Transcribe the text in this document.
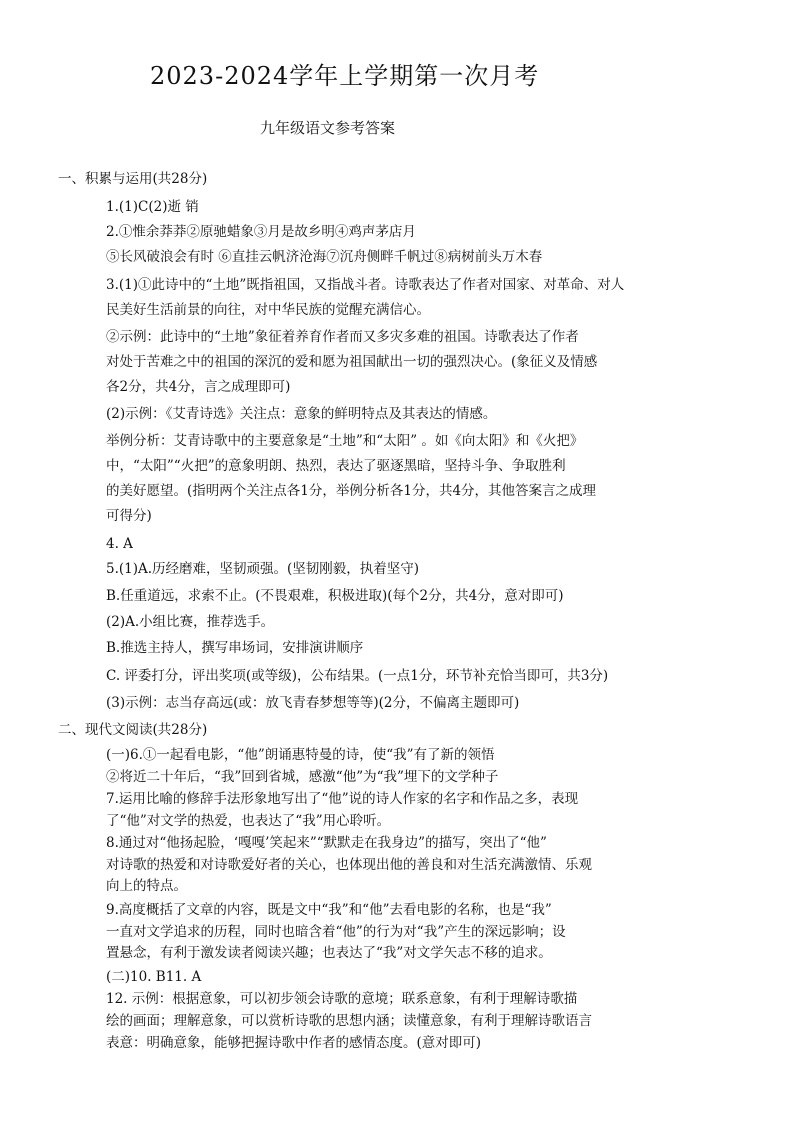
2023-2024学年上学期第一次月考
九年级语文参考答案
一、积累与运用(共28分)
1.(1)C(2)逝 销
2.①惟余莽莽②原驰蜡象③月是故乡明④鸡声茅店月
⑤长风破浪会有时 ⑥直挂云帆济沧海⑦沉舟侧畔千帆过⑧病树前头万木春
3.(1)①此诗中的“土地”既指祖国，又指战斗者。诗歌表达了作者对国家、对革命、对人
民美好生活前景的向往，对中华民族的觉醒充满信心。
②示例：此诗中的“土地”象征着养育作者而又多灾多难的祖国。诗歌表达了作者
对处于苦难之中的祖国的深沉的爱和愿为祖国献出一切的强烈决心。(象征义及情感
各2分，共4分，言之成理即可)
(2)示例：《艾青诗选》关注点：意象的鲜明特点及其表达的情感。
举例分析：艾青诗歌中的主要意象是“土地”和“太阳” 。如《向太阳》和《火把》
中，“太阳”“火把”的意象明朗、热烈，表达了驱逐黑暗，坚持斗争、争取胜利
的美好愿望。(指明两个关注点各1分，举例分析各1分，共4分，其他答案言之成理
可得分)
4. A
5.(1)A.历经磨难，坚韧顽强。(坚韧刚毅，执着坚守)
B.任重道远，求索不止。(不畏艰难，积极进取)(每个2分，共4分，意对即可)
(2)A.小组比赛，推荐选手。
B.推选主持人，撰写串场词，安排演讲顺序
C. 评委打分，评出奖项(或等级)，公布结果。(一点1分，环节补充恰当即可，共3分)
(3)示例：志当存高远(或：放飞青春梦想等等)(2分，不偏离主题即可)
二、现代文阅读(共28分)
(一)6.①一起看电影，“他”朗诵惠特曼的诗，使“我”有了新的领悟
②将近二十年后，“我”回到省城，感激“他”为“我”埋下的文学种子
7.运用比喻的修辞手法形象地写出了“他”说的诗人作家的名字和作品之多，表现
了“他”对文学的热爱，也表达了“我”用心聆听。
8.通过对“他扬起脸，‘嘎嘎’笑起来”“默默走在我身边”的描写，突出了“他”
对诗歌的热爱和对诗歌爱好者的关心，也体现出他的善良和对生活充满激情、乐观
向上的特点。
9.高度概括了文章的内容，既是文中“我”和“他”去看电影的名称，也是“我”
一直对文学追求的历程，同时也暗含着“他”的行为对“我”产生的深远影响；设
置悬念，有利于激发读者阅读兴趣；也表达了“我”对文学矢志不移的追求。
(二)10. B11. A
12. 示例：根据意象，可以初步领会诗歌的意境；联系意象，有利于理解诗歌描
绘的画面；理解意象，可以赏析诗歌的思想内涵；读懂意象，有利于理解诗歌语言
表意：明确意象，能够把握诗歌中作者的感情态度。(意对即可)
